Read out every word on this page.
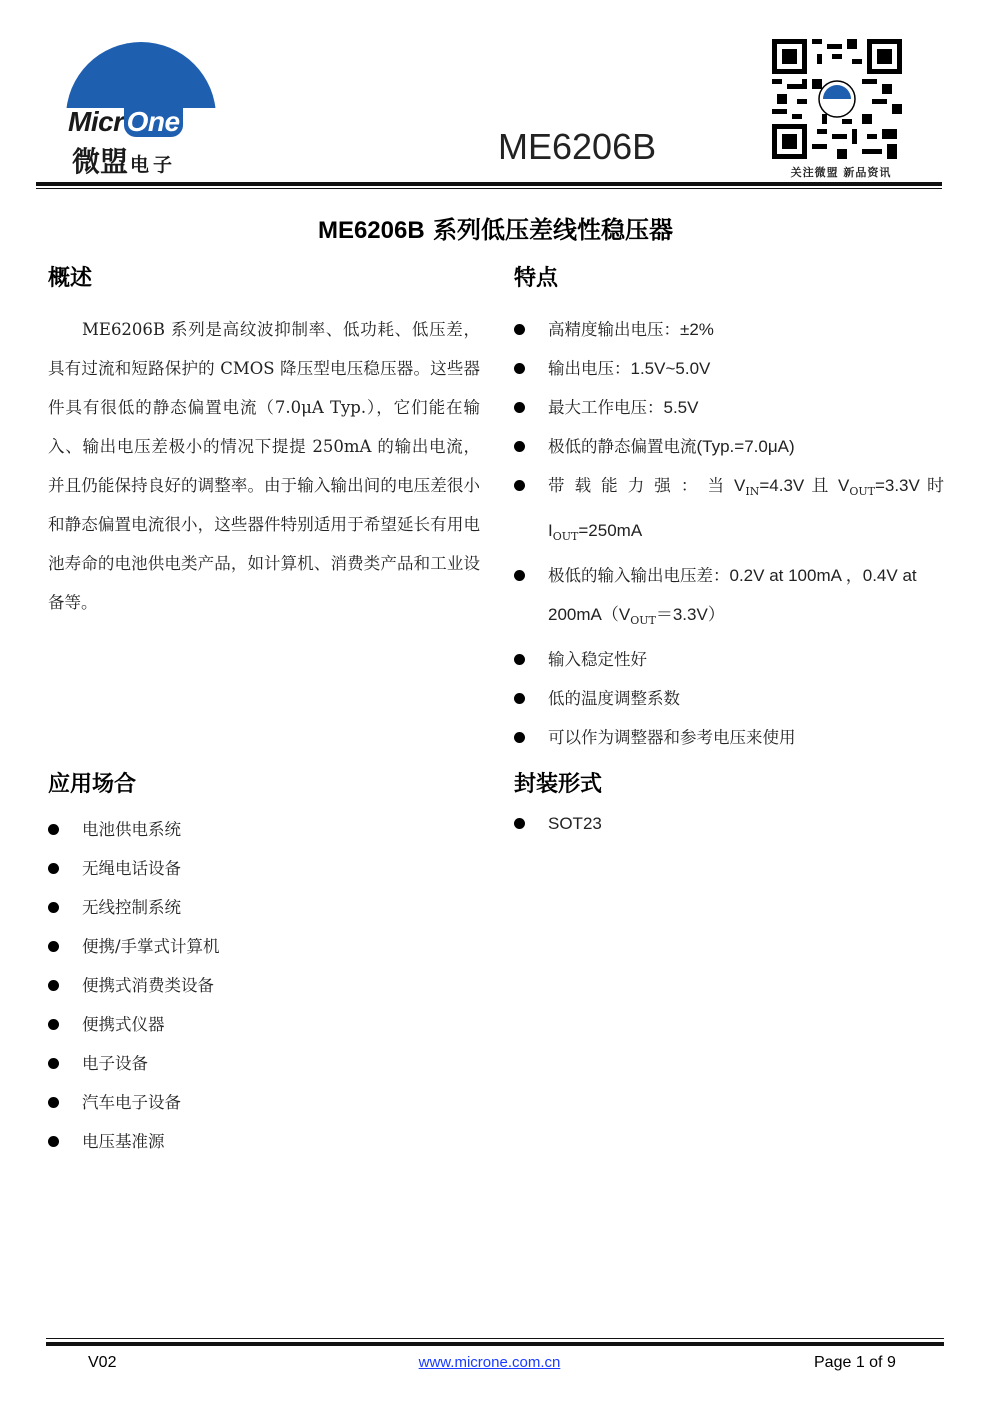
Micr One
微盟 电子	ME6206B
关注微盟 新品资讯
ME6206B 系列低压差线性稳压器
概述
ME6206B 系列是高纹波抑制率、低功耗、低压差，具有过流和短路保护的 CMOS 降压型电压稳压器。这些器件具有很低的静态偏置电流（7.0μA Typ.），它们能在输入、输出电压差极小的情况下提提 250mA 的输出电流，并且仍能保持良好的调整率。由于输入输出间的电压差很小和静态偏置电流很小，这些器件特别适用于希望延长有用电池寿命的电池供电类产品，如计算机、消费类产品和工业设备等。
特点
高精度输出电压：±2%
输出电压：1.5V~5.0V
最大工作电压：5.5V
极低的静态偏置电流(Typ.=7.0μA)
带 载 能 力 强 ： 当 $V_{IN}=4.3V$ 且 $V_{OUT}=3.3V$ 时 $I_{OUT}=250mA$
极低的输入输出电压差：0.2V at 100mA ，0.4V at $200mA(V_{OUT}=3.3V)$
输入稳定性好
低的温度调整系数
可以作为调整器和参考电压来使用
应用场合
电池供电系统
无绳电话设备
无线控制系统
便携/手掌式计算机
便携式消费类设备
便携式仪器
电子设备
汽车电子设备
电压基准源
封装形式
SOT23
V02	www.microne.com.cn	Page 1 of 9
